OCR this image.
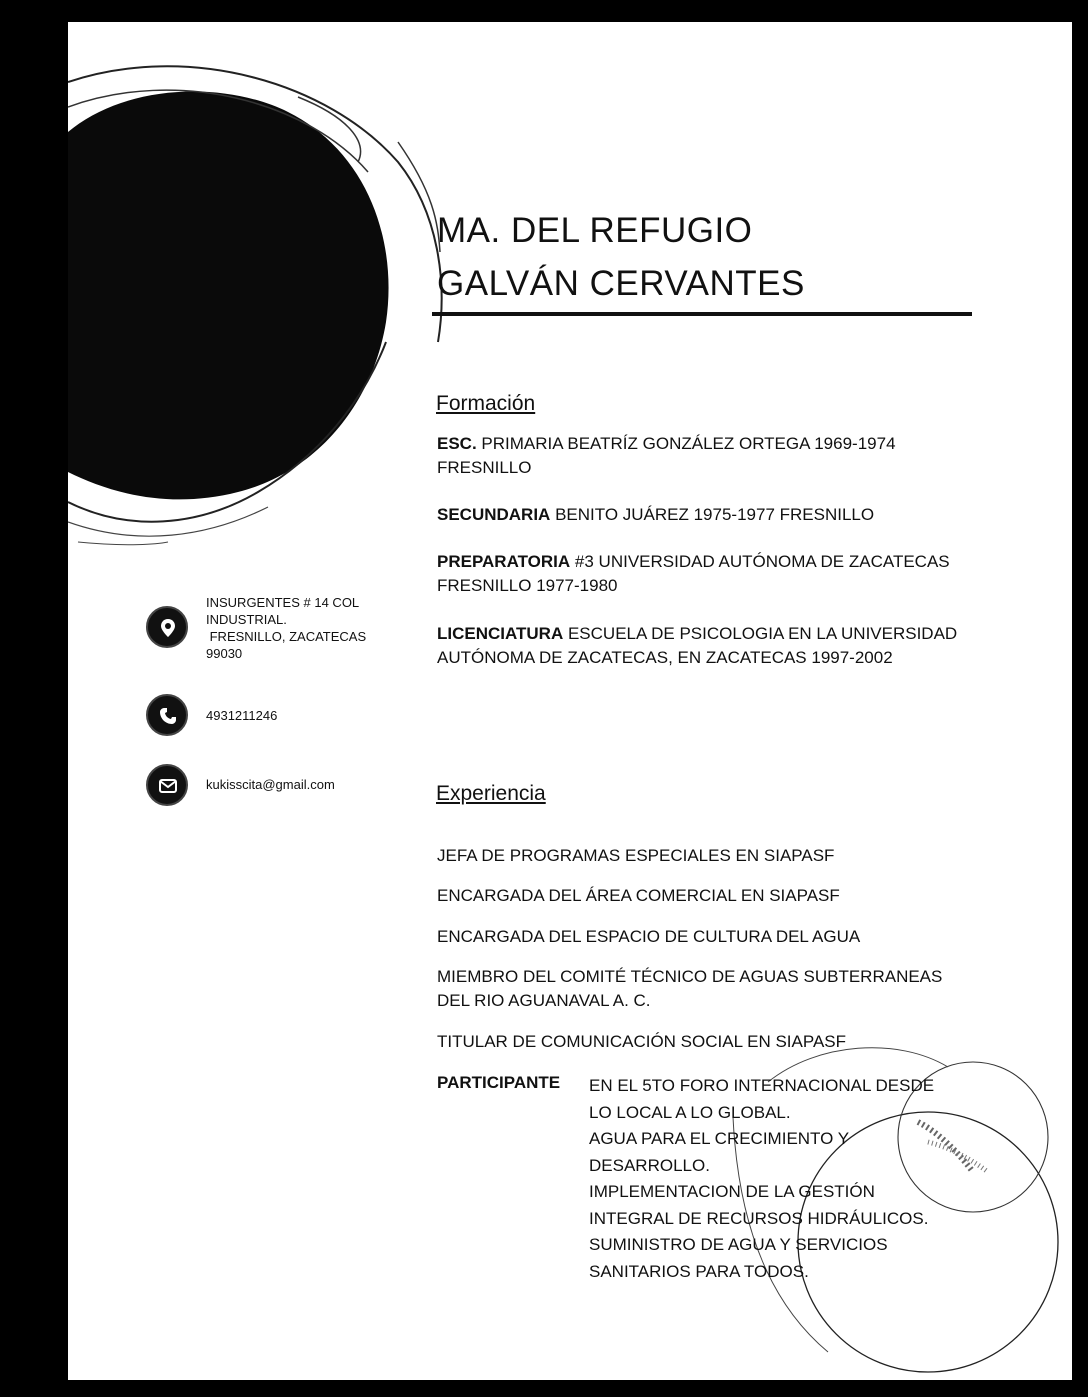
MA. DEL REFUGIO
GALVÁN CERVANTES
INSURGENTES # 14 COL
INDUSTRIAL.
FRESNILLO, ZACATECAS
99030
4931211246
kukisscita@gmail.com
Formación
ESC. PRIMARIA BEATRÍZ GONZÁLEZ ORTEGA 1969-1974 FRESNILLO
SECUNDARIA BENITO JUÁREZ 1975-1977 FRESNILLO
PREPARATORIA #3 UNIVERSIDAD AUTÓNOMA DE ZACATECAS FRESNILLO 1977-1980
LICENCIATURA ESCUELA DE PSICOLOGIA EN LA UNIVERSIDAD AUTÓNOMA DE ZACATECAS, EN ZACATECAS 1997-2002
Experiencia
JEFA DE PROGRAMAS ESPECIALES EN SIAPASF
ENCARGADA DEL ÁREA COMERCIAL EN SIAPASF
ENCARGADA DEL ESPACIO DE CULTURA DEL AGUA
MIEMBRO DEL COMITÉ TÉCNICO DE AGUAS SUBTERRANEAS DEL RIO AGUANAVAL A. C.
TITULAR DE COMUNICACIÓN SOCIAL EN SIAPASF
PARTICIPANTE EN EL 5TO FORO INTERNACIONAL DESDE
LO LOCAL A LO GLOBAL.
AGUA PARA EL CRECIMIENTO Y
DESARROLLO.
IMPLEMENTACION DE LA GESTIÓN
INTEGRAL DE RECURSOS HIDRÁULICOS.
SUMINISTRO DE AGUA Y SERVICIOS
SANITARIOS PARA TODOS.
